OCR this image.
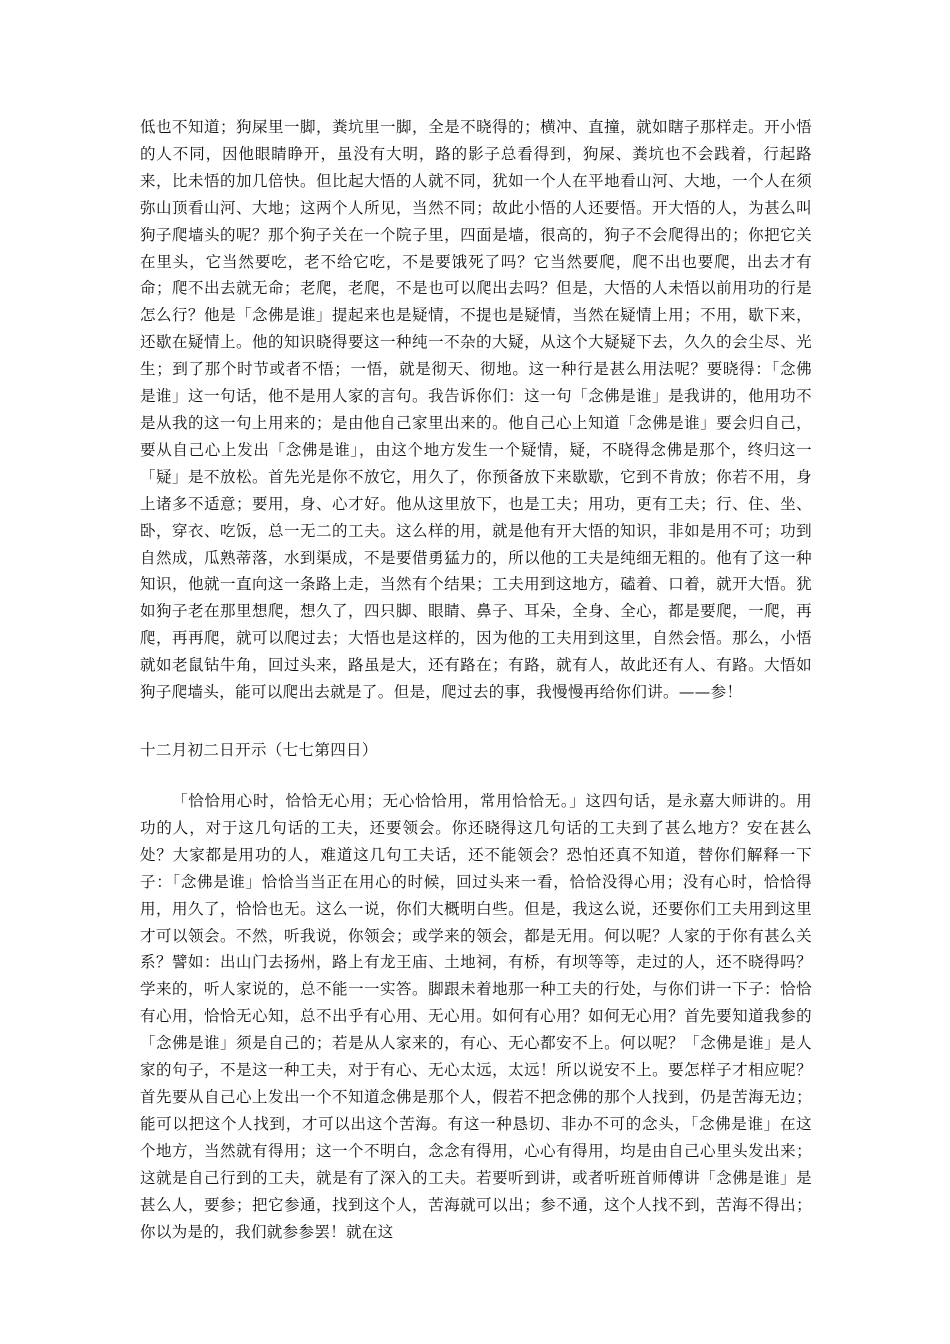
低也不知道；狗屎里一脚，粪坑里一脚，全是不晓得的；横冲、直撞，就如瞎子那样走。开小悟的人不同，因他眼睛睁开，虽没有大明，路的影子总看得到，狗屎、粪坑也不会践着，行起路来，比未悟的加几倍快。但比起大悟的人就不同，犹如一个人在平地看山河、大地，一个人在须弥山顶看山河、大地；这两个人所见，当然不同；故此小悟的人还要悟。开大悟的人，为甚么叫狗子爬墙头的呢？那个狗子关在一个院子里，四面是墙，很高的，狗子不会爬得出的；你把它关在里头，它当然要吃，老不给它吃，不是要饿死了吗？它当然要爬，爬不出也要爬，出去才有命；爬不出去就无命；老爬，老爬，不是也可以爬出去吗？但是，大悟的人未悟以前用功的行是怎么行？他是「念佛是谁」提起来也是疑情，不提也是疑情，当然在疑情上用；不用，歇下来，还歇在疑情上。他的知识晓得要这一种纯一不杂的大疑，从这个大疑疑下去，久久的会尘尽、光生；到了那个时节或者不悟；一悟，就是彻天、彻地。这一种行是甚么用法呢？要晓得：「念佛是谁」这一句话，他不是用人家的言句。我告诉你们：这一句「念佛是谁」是我讲的，他用功不是从我的这一句上用来的；是由他自己家里出来的。他自己心上知道「念佛是谁」要会归自己，要从自己心上发出「念佛是谁」，由这个地方发生一个疑情，疑，不晓得念佛是那个，终归这一「疑」是不放松。首先光是你不放它，用久了，你预备放下来歇歇，它到不肯放；你若不用，身上诸多不适意；要用，身、心才好。他从这里放下，也是工夫；用功，更有工夫；行、住、坐、卧，穿衣、吃饭，总一无二的工夫。这么样的用，就是他有开大悟的知识，非如是用不可；功到自然成，瓜熟蒂落，水到渠成，不是要借勇猛力的，所以他的工夫是纯细无粗的。他有了这一种知识，他就一直向这一条路上走，当然有个结果；工夫用到这地方，磕着、口着，就开大悟。犹如狗子老在那里想爬，想久了，四只脚、眼睛、鼻子、耳朵，全身、全心，都是要爬，一爬，再爬，再再爬，就可以爬过去；大悟也是这样的，因为他的工夫用到这里，自然会悟。那么，小悟就如老鼠钻牛角，回过头来，路虽是大，还有路在；有路，就有人，故此还有人、有路。大悟如狗子爬墙头，能可以爬出去就是了。但是，爬过去的事，我慢慢再给你们讲。——参！

十二月初二日开示（七七第四日）

「恰恰用心时，恰恰无心用；无心恰恰用，常用恰恰无。」这四句话，是永嘉大师讲的。用功的人，对于这几句话的工夫，还要领会。你还晓得这几句话的工夫到了甚么地方？安在甚么处？大家都是用功的人，难道这几句工夫话，还不能领会？恐怕还真不知道，替你们解释一下子：「念佛是谁」恰恰当当正在用心的时候，回过头来一看，恰恰没得心用；没有心时，恰恰得用，用久了，恰恰也无。这么一说，你们大概明白些。但是，我这么说，还要你们工夫用到这里才可以领会。不然，听我说，你领会；或学来的领会，都是无用。何以呢？人家的于你有甚么关系？譬如：出山门去扬州，路上有龙王庙、土地祠，有桥，有坝等等，走过的人，还不晓得吗？学来的，听人家说的，总不能一一实答。脚跟未着地那一种工夫的行处，与你们讲一下子：恰恰有心用，恰恰无心知，总不出乎有心用、无心用。如何有心用？如何无心用？首先要知道我参的「念佛是谁」须是自己的；若是从人家来的，有心、无心都安不上。何以呢？「念佛是谁」是人家的句子，不是这一种工夫，对于有心、无心太远，太远！所以说安不上。要怎样子才相应呢？首先要从自己心上发出一个不知道念佛是那个人，假若不把念佛的那个人找到，仍是苦海无边；能可以把这个人找到，才可以出这个苦海。有这一种恳切、非办不可的念头，「念佛是谁」在这个地方，当然就有得用；这一个不明白，念念有得用，心心有得用，均是由自己心里头发出来；这就是自己行到的工夫，就是有了深入的工夫。若要听到讲，或者听班首师傅讲「念佛是谁」是甚么人，要参；把它参通，找到这个人，苦海就可以出；参不通，这个人找不到，苦海不得出；你以为是的，我们就参参罢！就在这
